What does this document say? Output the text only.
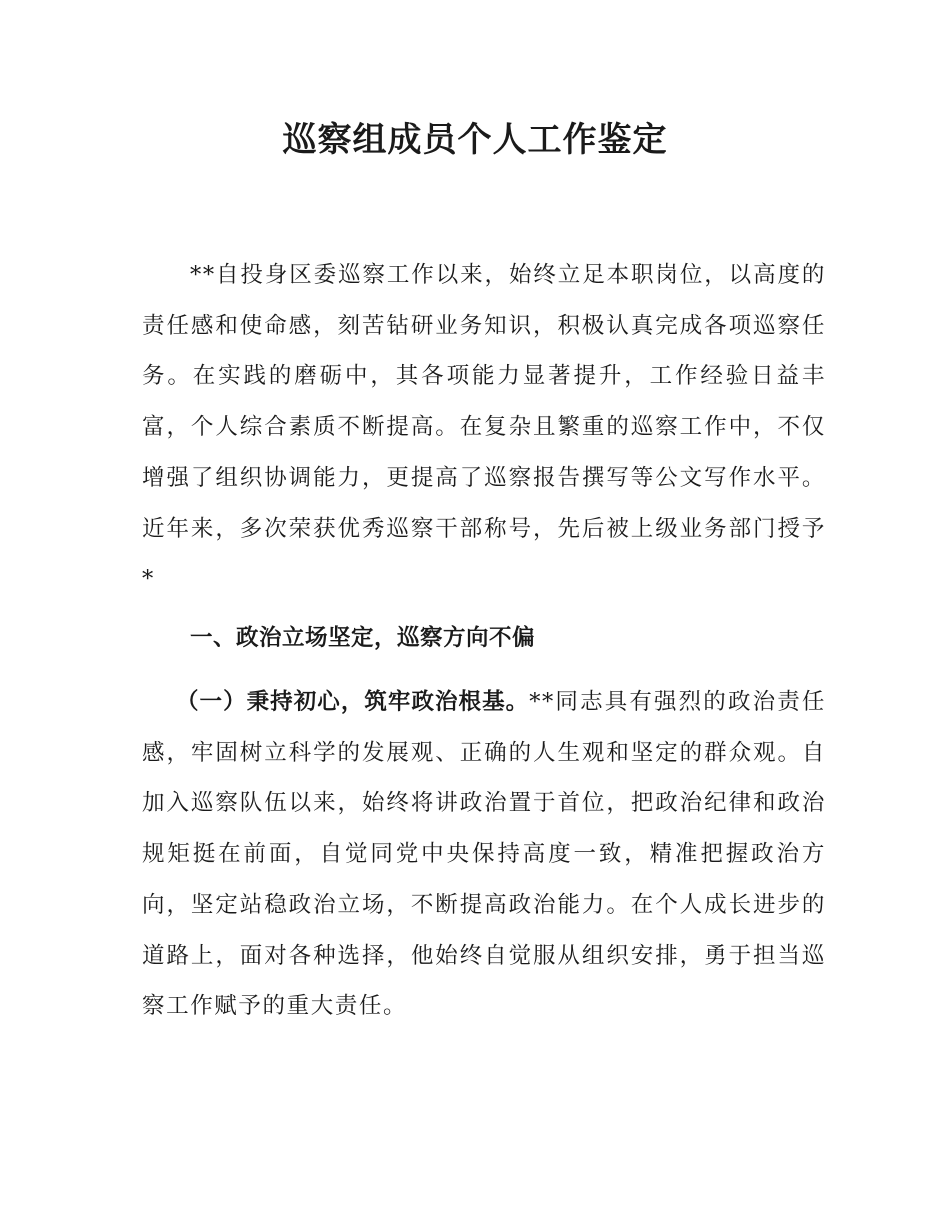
巡察组成员个人工作鉴定

**自投身区委巡察工作以来，始终立足本职岗位，以高度的责任感和使命感，刻苦钻研业务知识，积极认真完成各项巡察任务。在实践的磨砺中，其各项能力显著提升，工作经验日益丰富，个人综合素质不断提高。在复杂且繁重的巡察工作中，不仅增强了组织协调能力，更提高了巡察报告撰写等公文写作水平。近年来，多次荣获优秀巡察干部称号，先后被上级业务部门授予*

一、政治立场坚定，巡察方向不偏

（一）秉持初心，筑牢政治根基。**同志具有强烈的政治责任感，牢固树立科学的发展观、正确的人生观和坚定的群众观。自加入巡察队伍以来，始终将讲政治置于首位，把政治纪律和政治规矩挺在前面，自觉同党中央保持高度一致，精准把握政治方向，坚定站稳政治立场，不断提高政治能力。在个人成长进步的道路上，面对各种选择，他始终自觉服从组织安排，勇于担当巡察工作赋予的重大责任。
